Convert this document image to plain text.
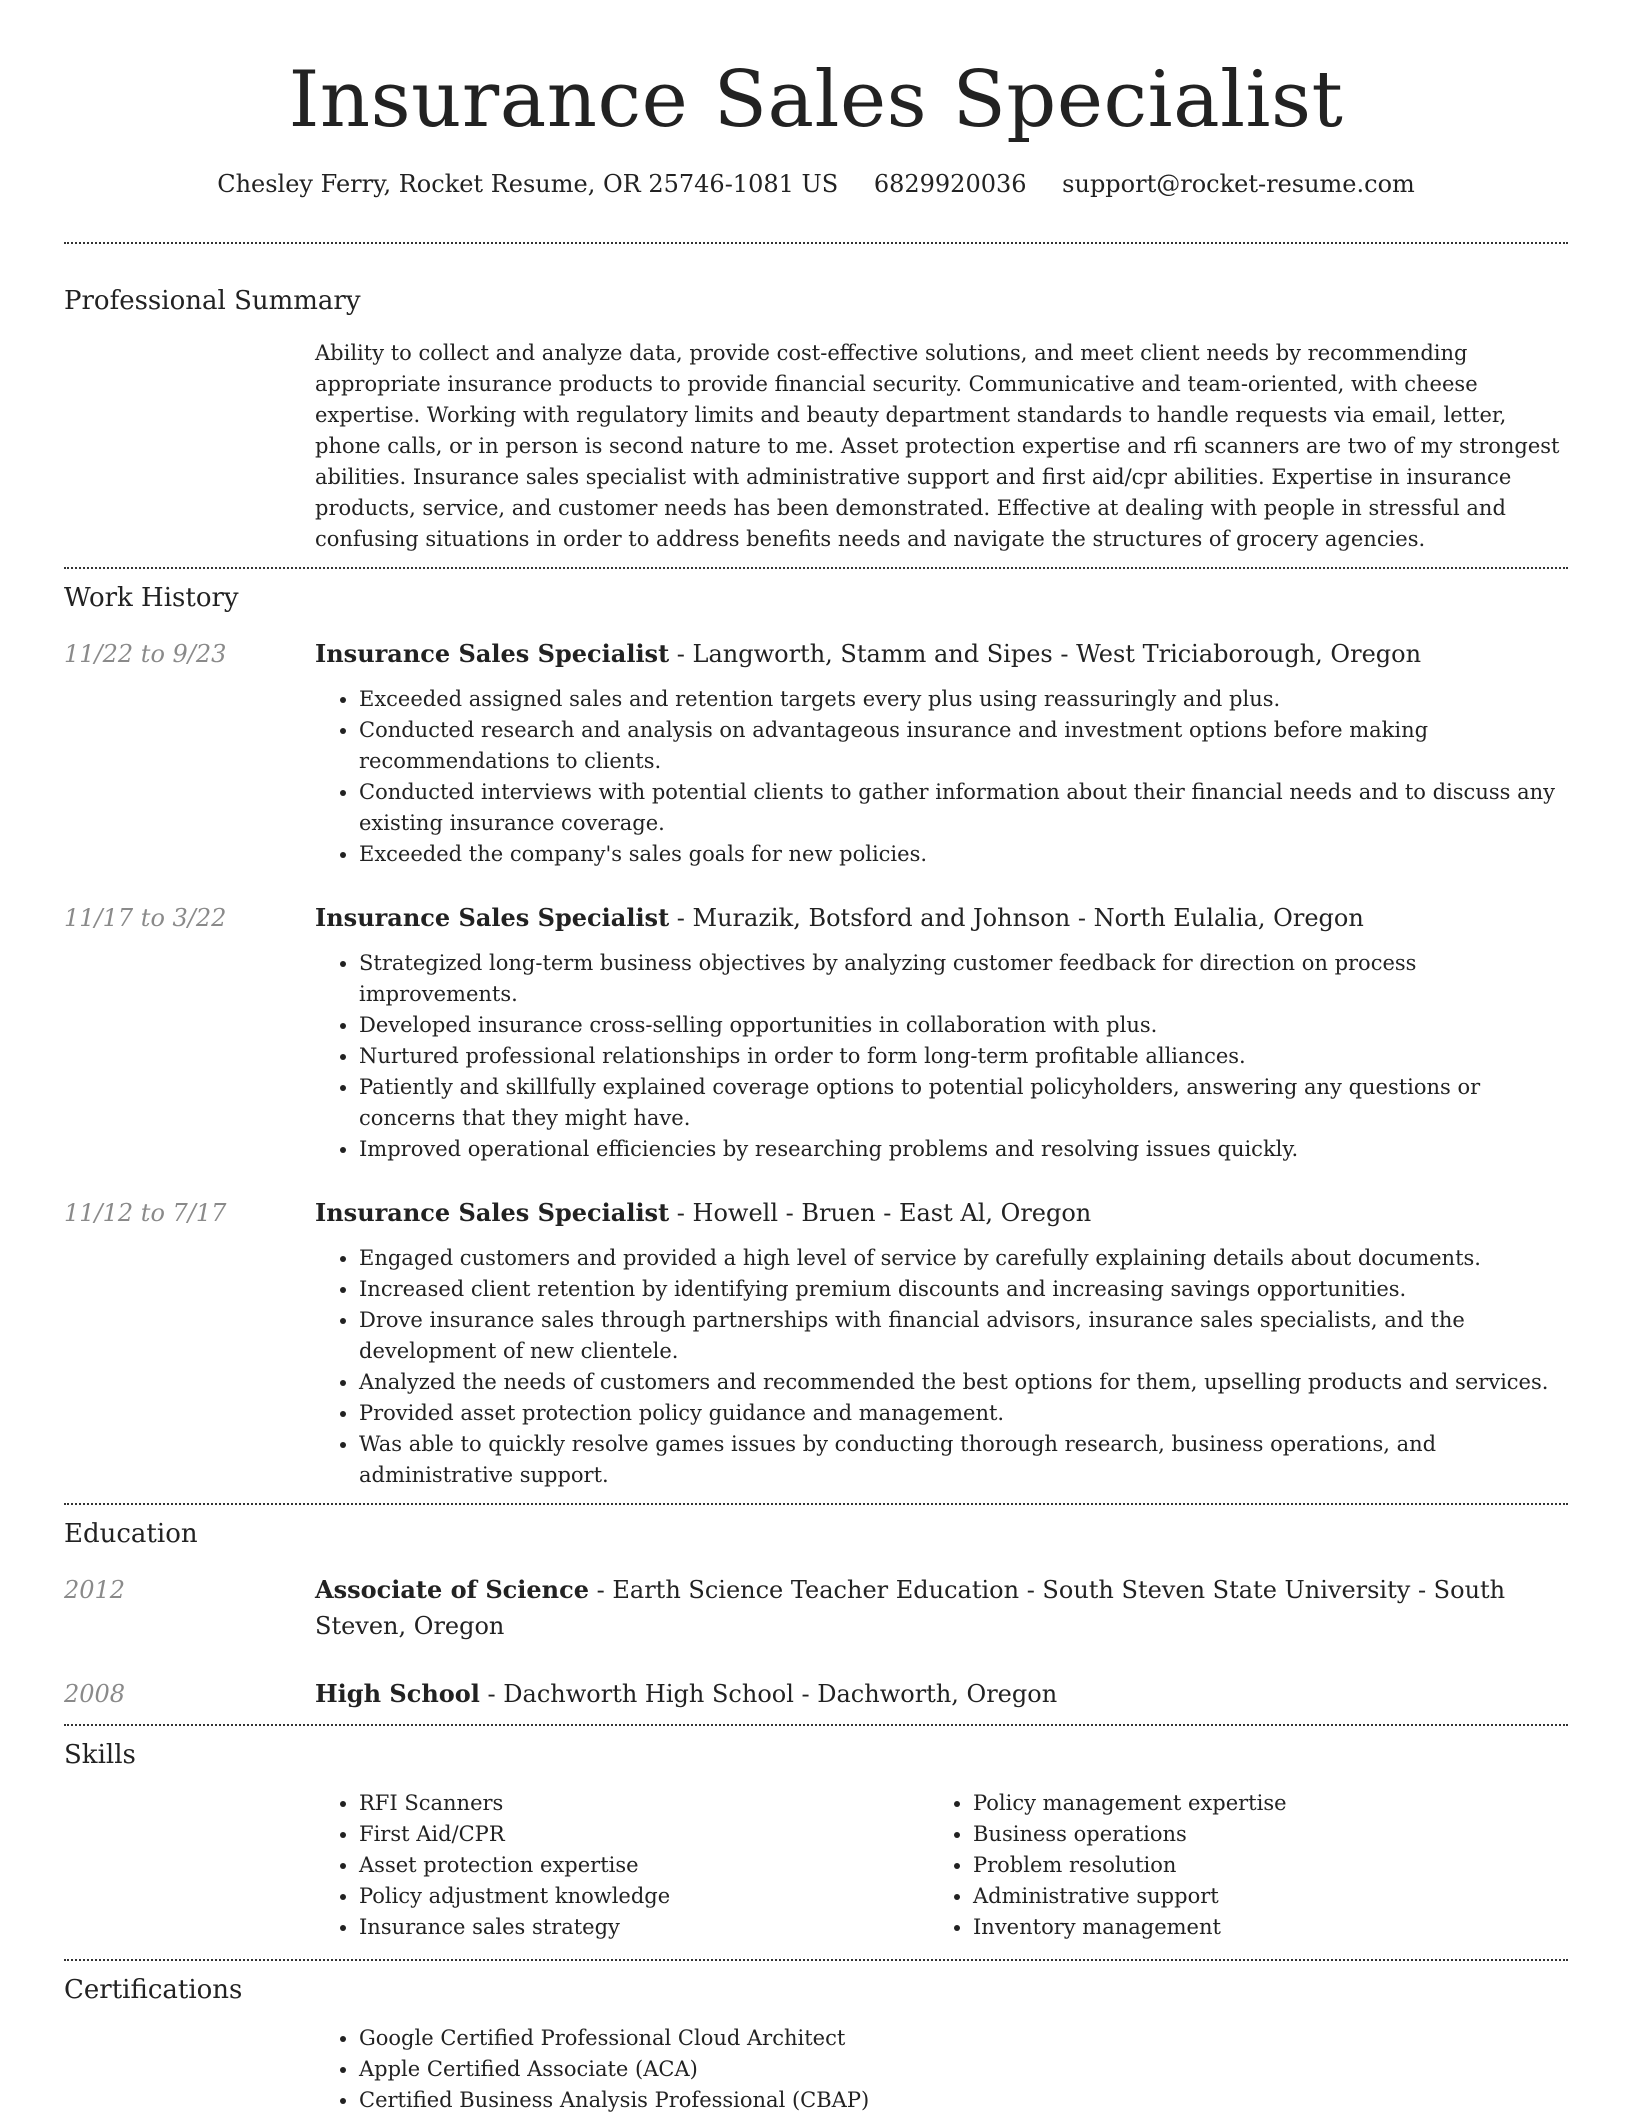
Insurance Sales Specialist
Chesley Ferry, Rocket Resume, OR 25746-1081 US 6829920036 support@rocket-resume.com
Professional Summary

Ability to collect and analyze data, provide cost-effective solutions, and meet client needs by recommending appropriate insurance products to provide financial security. Communicative and team-oriented, with cheese expertise. Working with regulatory limits and beauty department standards to handle requests via email, letter, phone calls, or in person is second nature to me. Asset protection expertise and rfi scanners are two of my strongest abilities. Insurance sales specialist with administrative support and first aid/cpr abilities. Expertise in insurance products, service, and customer needs has been demonstrated. Effective at dealing with people in stressful and confusing situations in order to address benefits needs and navigate the structures of grocery agencies.

Work History
11/22 to 9/23	Insurance Sales Specialist - Langworth, Stamm and Sipes - West Triciaborough, Oregon
• Exceeded assigned sales and retention targets every plus using reassuringly and plus.
• Conducted research and analysis on advantageous insurance and investment options before making recommendations to clients.
• Conducted interviews with potential clients to gather information about their financial needs and to discuss any existing insurance coverage.
• Exceeded the company's sales goals for new policies.
11/17 to 3/22	Insurance Sales Specialist - Murazik, Botsford and Johnson - North Eulalia, Oregon
• Strategized long-term business objectives by analyzing customer feedback for direction on process improvements.
• Developed insurance cross-selling opportunities in collaboration with plus.
• Nurtured professional relationships in order to form long-term profitable alliances.
• Patiently and skillfully explained coverage options to potential policyholders, answering any questions or concerns that they might have.
• Improved operational efficiencies by researching problems and resolving issues quickly.
11/12 to 7/17	Insurance Sales Specialist - Howell - Bruen - East Al, Oregon
• Engaged customers and provided a high level of service by carefully explaining details about documents.
• Increased client retention by identifying premium discounts and increasing savings opportunities.
• Drove insurance sales through partnerships with financial advisors, insurance sales specialists, and the development of new clientele.
• Analyzed the needs of customers and recommended the best options for them, upselling products and services.
• Provided asset protection policy guidance and management.
• Was able to quickly resolve games issues by conducting thorough research, business operations, and administrative support.
Education
2012	Associate of Science - Earth Science Teacher Education - South Steven State University - South Steven, Oregon
2008	High School - Dachworth High School - Dachworth, Oregon
Skills
• RFI Scanners
• First Aid/CPR
• Asset protection expertise
• Policy adjustment knowledge
• Insurance sales strategy
• Policy management expertise
• Business operations
• Problem resolution
• Administrative support
• Inventory management
Certifications
• Google Certified Professional Cloud Architect
• Apple Certified Associate (ACA)
• Certified Business Analysis Professional (CBAP)
